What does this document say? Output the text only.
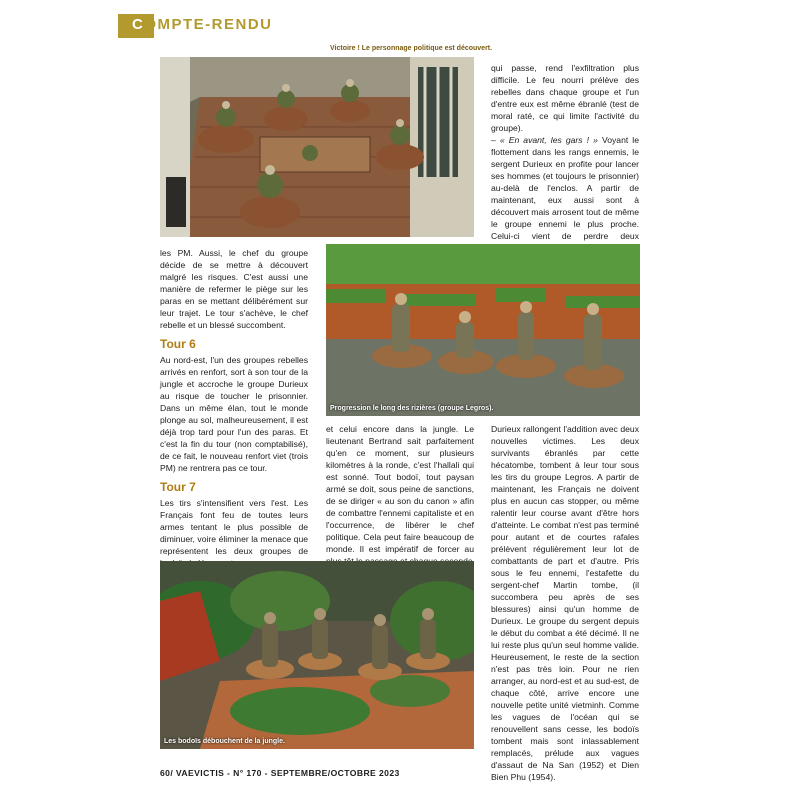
COMPTE-RENDU
Victoire ! Le personnage politique est découvert.

qui passe, rend l'exfiltration plus difficile. Le feu nourri prélève des rebelles dans chaque groupe et l'un d'entre eux est même ébranlé (test de moral raté, ce qui limite l'activité du groupe).
– « En avant, les gars ! » Voyant le flottement dans les rangs ennemis, le sergent Durieux en profite pour lancer ses hommes (et toujours le prisonnier) au-delà de l'enclos. A partir de maintenant, eux aussi sont à découvert mais arrosent tout de même le groupe ennemi le plus proche. Celui-ci vient de perdre deux

les PM. Aussi, le chef du groupe décide de se mettre à découvert malgré les risques. C'est aussi une manière de refermer le piège sur les paras en se mettant délibérément sur leur trajet. Le tour s'achève, le chef rebelle et un blessé succombent.

Tour 6

Au nord-est, l'un des groupes rebelles arrivés en renfort, sort à son tour de la jungle et accroche le groupe Durieux au risque de toucher le prisonnier. Dans un même élan, tout le monde plonge au sol, malheureusement, il est déjà trop tard pour l'un des paras. Et c'est la fin du tour (non comptabilisé), de ce fait, le nouveau renfort viet (trois PM) ne rentrera pas ce tour.

Tour 7

Les tirs s'intensifient vers l'est. Les Français font feu de toutes leurs armes tentant le plus possible de diminuer, voire éliminer la menace que représentent les deux groupes de

Progression le long des rizières (groupe Legros).

et celui encore dans la jungle. Le lieutenant Bertrand sait parfaitement qu'en ce moment, sur plusieurs kilomètres à la ronde, c'est l'hallali qui est sonné. Tout bodoï, tout paysan armé se doit, sous peine de sanctions, de se diriger « au son du canon » afin de combattre l'ennemi capitaliste et en l'occurrence, de libérer le chef politique. Cela peut faire beaucoup de monde. Il est impératif de forcer au

Durieux rallongent l'addition avec deux nouvelles victimes. Les deux survivants ébranlés par cette hécatombe, tombent à leur tour sous les tirs du groupe Legros. A partir de maintenant, les Français ne doivent plus en aucun cas stopper, ou même ralentir leur course avant d'être hors d'atteinte. Le combat n'est pas terminé pour autant et de courtes rafales prélèvent régulièrement leur lot de combattants de part et d'autre. Pris sous le feu ennemi, l'estafette du sergent-chef Martin tombe, (il succombera peu après de ses blessures) ainsi qu'un homme de Durieux. Le groupe du sergent depuis le début du combat a été décimé. Il ne lui reste plus qu'un seul homme valide. Heureusement, le reste de la section n'est pas très loin. Pour ne rien arranger, au nord-est et au sud-est, de chaque côté, arrive encore une nouvelle petite unité vietminh. Comme les vagues de l'océan qui se renouvellent sans cesse, les bodoïs tombent mais sont inlassablement remplacés, prélude aux vagues d'assaut de Na San (1952) et Dien Bien Phu (1954).

Les bodoïs débouchent de la jungle.
60/ VAEVICTIS - N° 170 - SEPTEMBRE/OCTOBRE 2023
